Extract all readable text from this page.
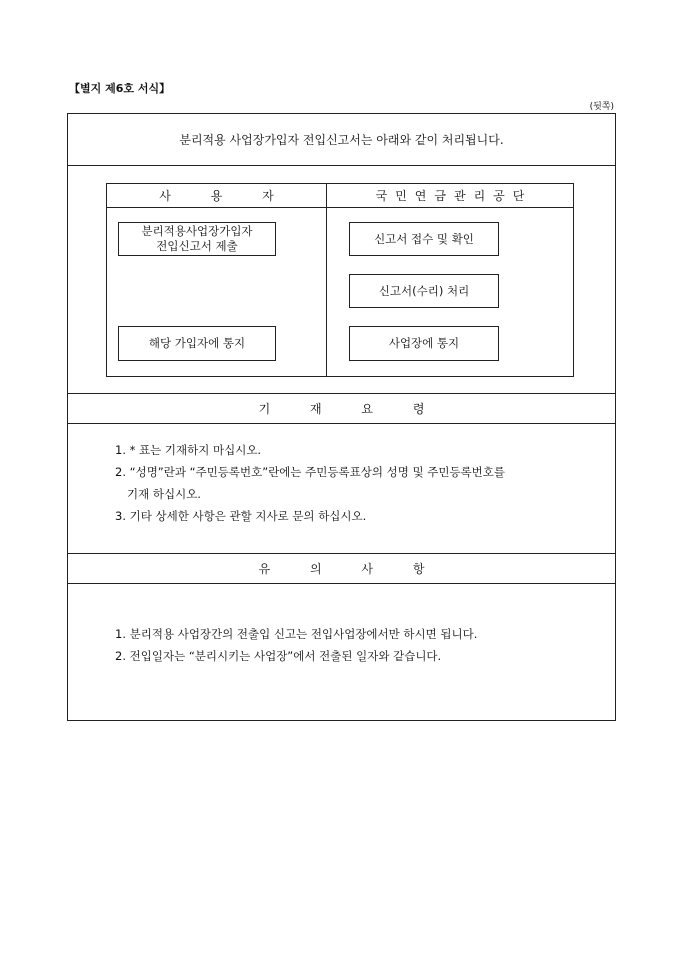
【별지 제6호 서식】
(뒷쪽)
분리적용 사업장가입자 전입신고서는 아래와 같이 처리됩니다.
사 용 자	국민연금관리공단
분리적용사업장가입자
전입신고서 제출
해당 가입자에 통지
신고서 접수 및 확인
신고서(수리) 처리
사업장에 통지
기 재 요 령
1. * 표는 기재하지 마십시오.
2. “성명”란과 “주민등록번호”란에는 주민등록표상의 성명 및 주민등록번호를
기재 하십시오.
3. 기타 상세한 사항은 관할 지사로 문의 하십시오.
유 의 사 항
1. 분리적용 사업장간의 전출입 신고는 전입사업장에서만 하시면 됩니다.
2. 전입일자는 “분리시키는 사업장”에서 전출된 일자와 같습니다.
